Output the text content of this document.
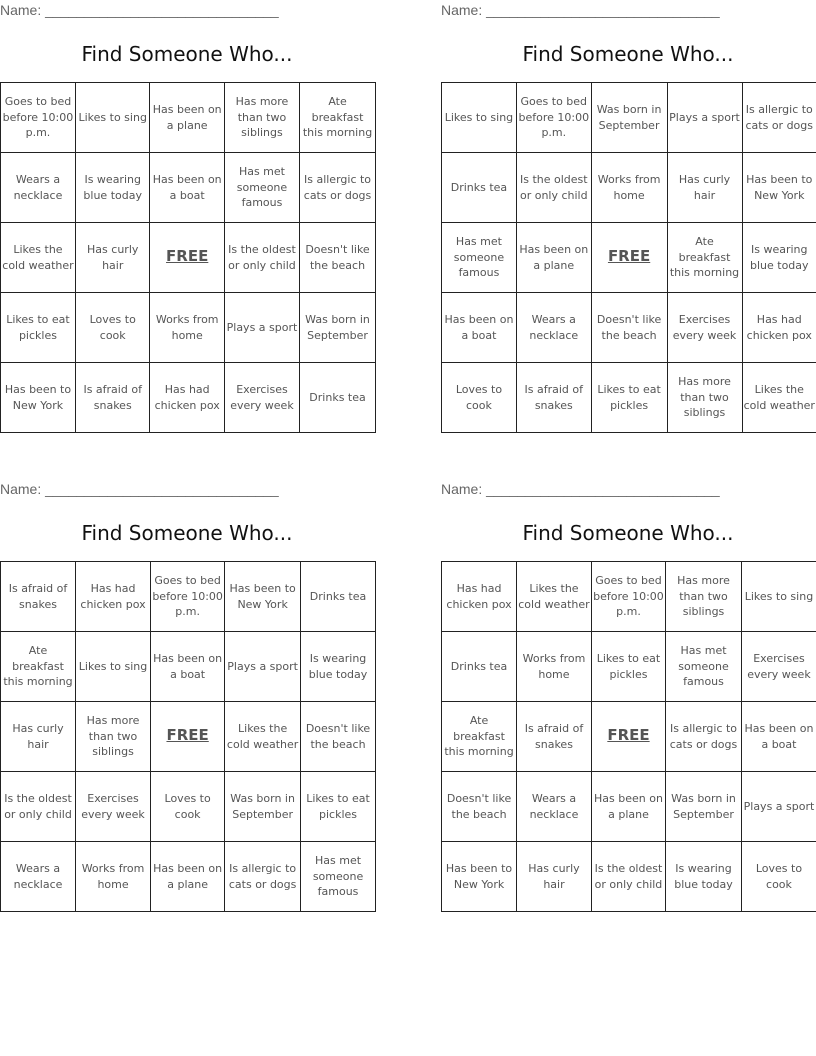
Name: ______________________________
Find Someone Who...
Goes to bed before 10:00 p.m.	Likes to sing	Has been on a plane	Has more than two siblings	Ate breakfast this morning
Wears a necklace	Is wearing blue today	Has been on a boat	Has met someone famous	Is allergic to cats or dogs
Likes the cold weather	Has curly hair	FREE	Is the oldest or only child	Doesn't like the beach
Likes to eat pickles	Loves to cook	Works from home	Plays a sport	Was born in September
Has been to New York	Is afraid of snakes	Has had chicken pox	Exercises every week	Drinks tea
Name: ______________________________
Find Someone Who...
Likes to sing	Goes to bed before 10:00 p.m.	Was born in September	Plays a sport	Is allergic to cats or dogs
Drinks tea	Is the oldest or only child	Works from home	Has curly hair	Has been to New York
Has met someone famous	Has been on a plane	FREE	Ate breakfast this morning	Is wearing blue today
Has been on a boat	Wears a necklace	Doesn't like the beach	Exercises every week	Has had chicken pox
Loves to cook	Is afraid of snakes	Likes to eat pickles	Has more than two siblings	Likes the cold weather
Name: ______________________________
Find Someone Who...
Is afraid of snakes	Has had chicken pox	Goes to bed before 10:00 p.m.	Has been to New York	Drinks tea
Ate breakfast this morning	Likes to sing	Has been on a boat	Plays a sport	Is wearing blue today
Has curly hair	Has more than two siblings	FREE	Likes the cold weather	Doesn't like the beach
Is the oldest or only child	Exercises every week	Loves to cook	Was born in September	Likes to eat pickles
Wears a necklace	Works from home	Has been on a plane	Is allergic to cats or dogs	Has met someone famous
Name: ______________________________
Find Someone Who...
Has had chicken pox	Likes the cold weather	Goes to bed before 10:00 p.m.	Has more than two siblings	Likes to sing
Drinks tea	Works from home	Likes to eat pickles	Has met someone famous	Exercises every week
Ate breakfast this morning	Is afraid of snakes	FREE	Is allergic to cats or dogs	Has been on a boat
Doesn't like the beach	Wears a necklace	Has been on a plane	Was born in September	Plays a sport
Has been to New York	Has curly hair	Is the oldest or only child	Is wearing blue today	Loves to cook
